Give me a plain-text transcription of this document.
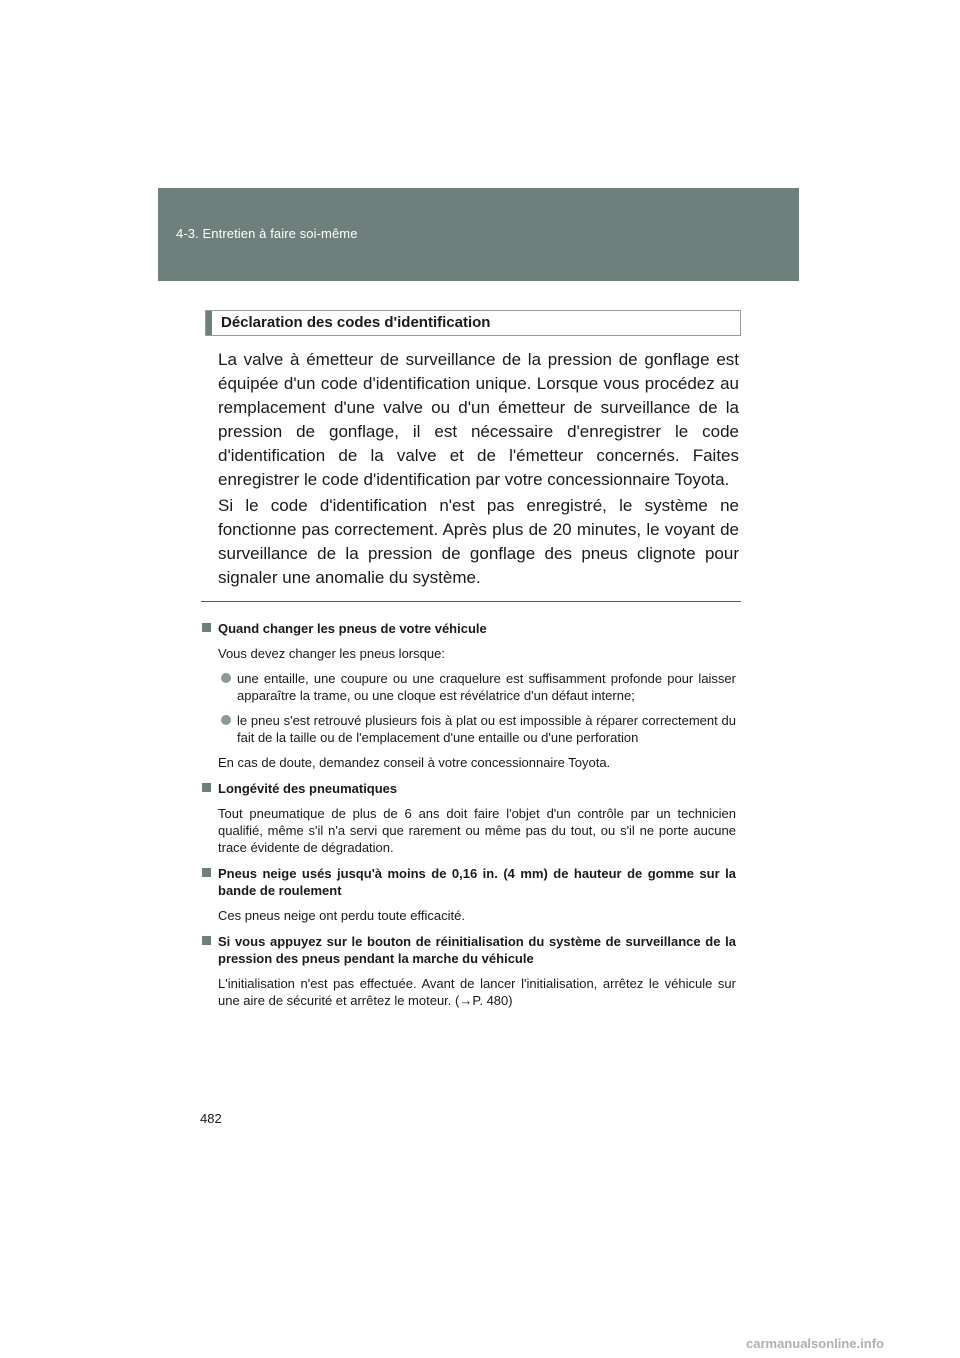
4-3. Entretien à faire soi-même
Déclaration des codes d'identification

La valve à émetteur de surveillance de la pression de gonflage est équipée d'un code d'identification unique. Lorsque vous procédez au remplacement d'une valve ou d'un émetteur de surveillance de la pression de gonflage, il est nécessaire d'enregistrer le code d'identification de la valve et de l'émetteur concernés. Faites enregistrer le code d'identification par votre concessionnaire Toyota.

Si le code d'identification n'est pas enregistré, le système ne fonctionne pas correctement. Après plus de 20 minutes, le voyant de surveillance de la pression de gonflage des pneus clignote pour signaler une anomalie du système.

Quand changer les pneus de votre véhicule

Vous devez changer les pneus lorsque:

une entaille, une coupure ou une craquelure est suffisamment profonde pour laisser apparaître la trame, ou une cloque est révélatrice d'un défaut interne;

le pneu s'est retrouvé plusieurs fois à plat ou est impossible à réparer correctement du fait de la taille ou de l'emplacement d'une entaille ou d'une perforation

En cas de doute, demandez conseil à votre concessionnaire Toyota.

Longévité des pneumatiques

Tout pneumatique de plus de 6 ans doit faire l'objet d'un contrôle par un technicien qualifié, même s'il n'a servi que rarement ou même pas du tout, ou s'il ne porte aucune trace évidente de dégradation.

Pneus neige usés jusqu'à moins de 0,16 in. (4 mm) de hauteur de gomme sur la bande de roulement

Ces pneus neige ont perdu toute efficacité.

Si vous appuyez sur le bouton de réinitialisation du système de surveillance de la pression des pneus pendant la marche du véhicule

L'initialisation n'est pas effectuée. Avant de lancer l'initialisation, arrêtez le véhicule sur une aire de sécurité et arrêtez le moteur. (→P. 480)

482
carmanualsonline.info
